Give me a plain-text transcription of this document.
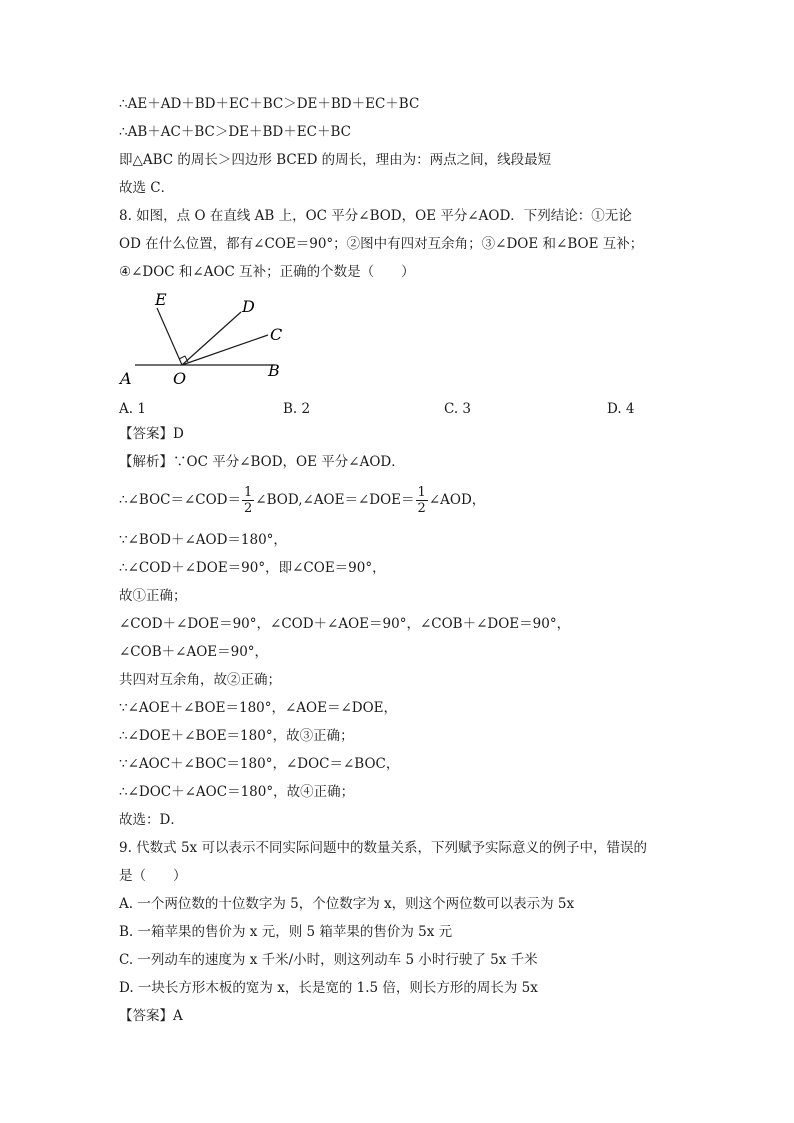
∴AE＋AD＋BD＋EC＋BC＞DE＋BD＋EC＋BC
∴AB＋AC＋BC＞DE＋BD＋EC＋BC
即△ABC 的周长＞四边形 BCED 的周长，理由为：两点之间，线段最短
故选 C．
8. 如图，点 O 在直线 AB 上，OC 平分∠BOD，OE 平分∠AOD．下列结论：①无论
OD 在什么位置，都有∠COE＝90°；②图中有四对互余角；③∠DOE 和∠BOE 互补；
④∠DOC 和∠AOC 互补；正确的个数是（　　）
E	D
C
A	O	B
A. 1	B. 2	C. 3	D. 4
【答案】D
【解析】∵OC 平分∠BOD，OE 平分∠AOD．
∴∠BOC＝∠COD＝ $\frac{1}{2}$ ∠BOD,∠AOE＝∠DOE＝ $\frac{1}{2}$ ∠AOD，
∵∠BOD＋∠AOD＝180°，
∴∠COD＋∠DOE＝90°，即∠COE＝90°，
故①正确；
∠COD＋∠DOE＝90°，∠COD＋∠AOE＝90°，∠COB＋∠DOE＝90°，
∠COB＋∠AOE＝90°，
共四对互余角，故②正确；
∵∠AOE＋∠BOE＝180°，∠AOE＝∠DOE，
∴∠DOE＋∠BOE＝180°，故③正确；
∵∠AOC＋∠BOC＝180°，∠DOC＝∠BOC，
∴∠DOC＋∠AOC＝180°，故④正确；
故选：D．
9. 代数式 5x 可以表示不同实际问题中的数量关系，下列赋予实际意义的例子中，错误的
是（　　）
A. 一个两位数的十位数字为 5，个位数字为 x，则这个两位数可以表示为 5x
B. 一箱苹果的售价为 x 元，则 5 箱苹果的售价为 5x 元
C. 一列动车的速度为 x 千米/小时，则这列动车 5 小时行驶了 5x 千米
D. 一块长方形木板的宽为 x，长是宽的 1.5 倍，则长方形的周长为 5x
【答案】A
